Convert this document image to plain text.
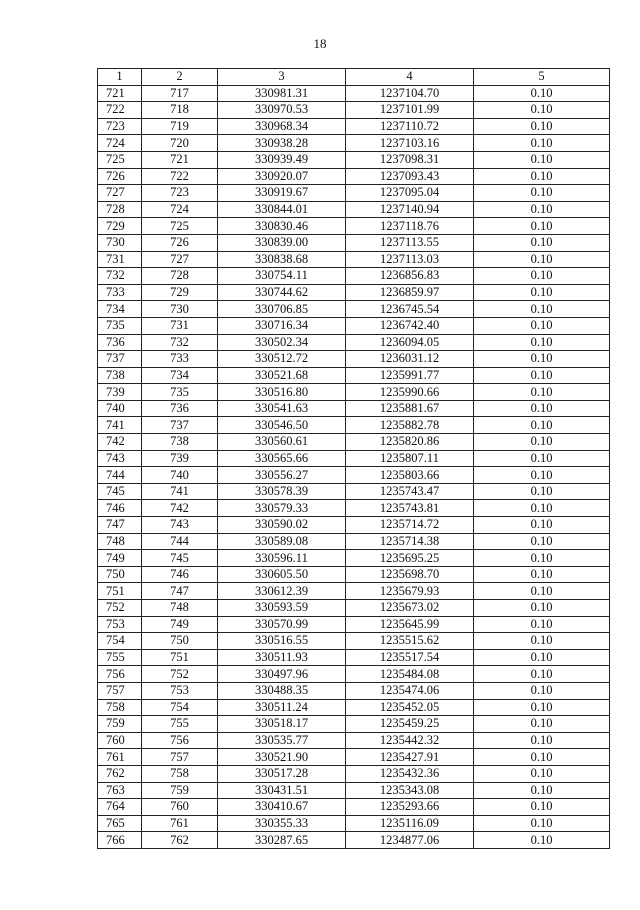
18
1	2	3	4	5
721	717	330981.31	1237104.70	0.10
722	718	330970.53	1237101.99	0.10
723	719	330968.34	1237110.72	0.10
724	720	330938.28	1237103.16	0.10
725	721	330939.49	1237098.31	0.10
726	722	330920.07	1237093.43	0.10
727	723	330919.67	1237095.04	0.10
728	724	330844.01	1237140.94	0.10
729	725	330830.46	1237118.76	0.10
730	726	330839.00	1237113.55	0.10
731	727	330838.68	1237113.03	0.10
732	728	330754.11	1236856.83	0.10
733	729	330744.62	1236859.97	0.10
734	730	330706.85	1236745.54	0.10
735	731	330716.34	1236742.40	0.10
736	732	330502.34	1236094.05	0.10
737	733	330512.72	1236031.12	0.10
738	734	330521.68	1235991.77	0.10
739	735	330516.80	1235990.66	0.10
740	736	330541.63	1235881.67	0.10
741	737	330546.50	1235882.78	0.10
742	738	330560.61	1235820.86	0.10
743	739	330565.66	1235807.11	0.10
744	740	330556.27	1235803.66	0.10
745	741	330578.39	1235743.47	0.10
746	742	330579.33	1235743.81	0.10
747	743	330590.02	1235714.72	0.10
748	744	330589.08	1235714.38	0.10
749	745	330596.11	1235695.25	0.10
750	746	330605.50	1235698.70	0.10
751	747	330612.39	1235679.93	0.10
752	748	330593.59	1235673.02	0.10
753	749	330570.99	1235645.99	0.10
754	750	330516.55	1235515.62	0.10
755	751	330511.93	1235517.54	0.10
756	752	330497.96	1235484.08	0.10
757	753	330488.35	1235474.06	0.10
758	754	330511.24	1235452.05	0.10
759	755	330518.17	1235459.25	0.10
760	756	330535.77	1235442.32	0.10
761	757	330521.90	1235427.91	0.10
762	758	330517.28	1235432.36	0.10
763	759	330431.51	1235343.08	0.10
764	760	330410.67	1235293.66	0.10
765	761	330355.33	1235116.09	0.10
766	762	330287.65	1234877.06	0.10
